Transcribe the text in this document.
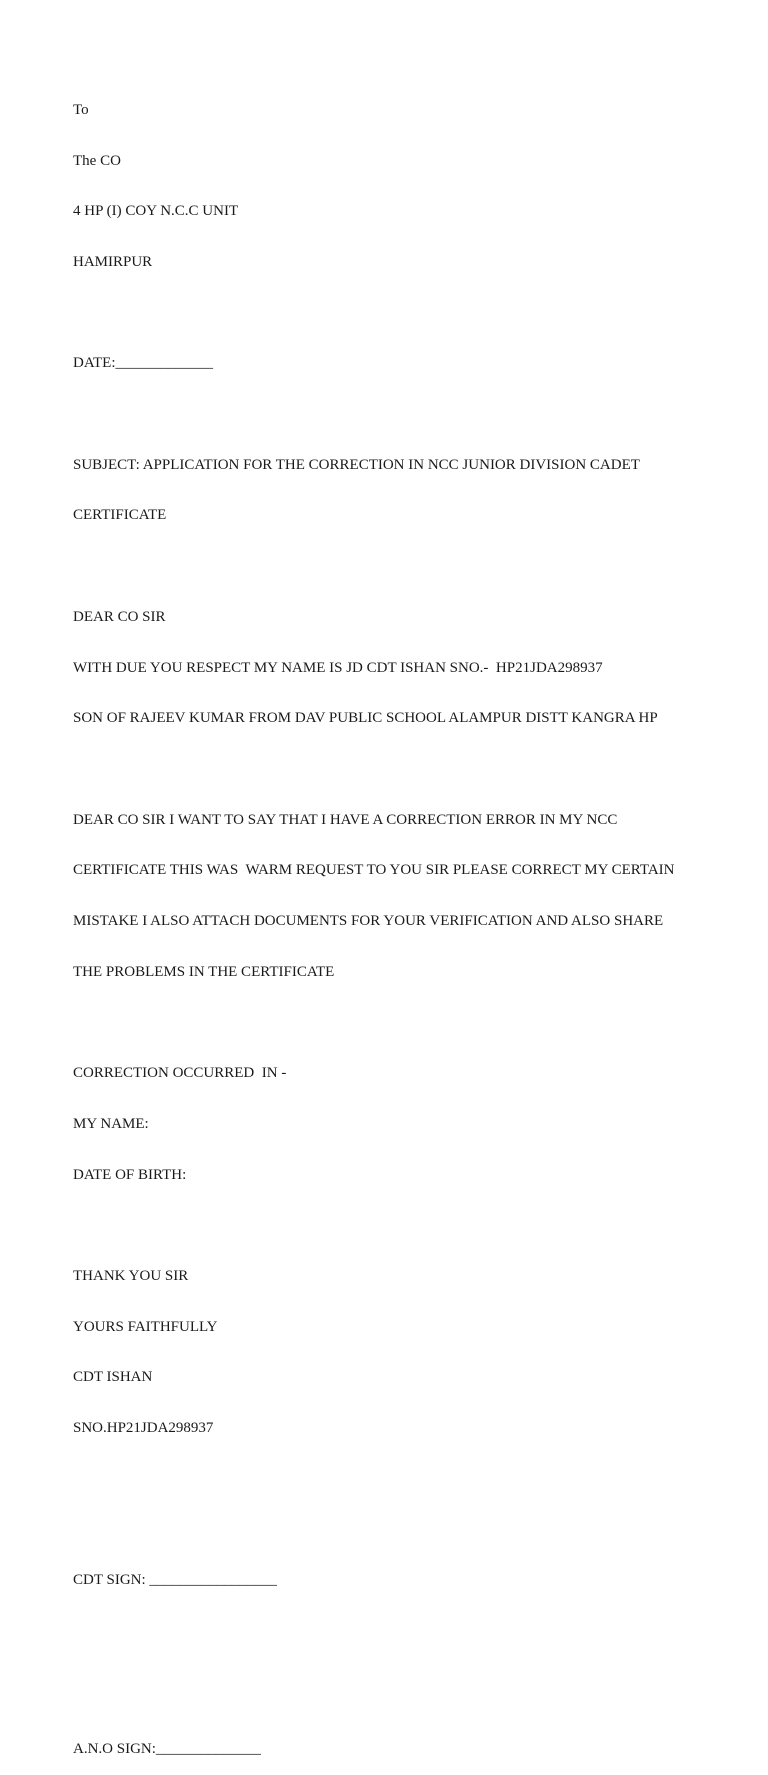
To

The CO

4 HP (I) COY N.C.C UNIT

HAMIRPUR

DATE:_____________

SUBJECT: APPLICATION FOR THE CORRECTION IN NCC JUNIOR DIVISION CADET

CERTIFICATE

DEAR CO SIR

WITH DUE YOU RESPECT MY NAME IS JD CDT ISHAN SNO.-  HP21JDA298937

SON OF RAJEEV KUMAR FROM DAV PUBLIC SCHOOL ALAMPUR DISTT KANGRA HP

DEAR CO SIR I WANT TO SAY THAT I HAVE A CORRECTION ERROR IN MY NCC

CERTIFICATE THIS WAS  WARM REQUEST TO YOU SIR PLEASE CORRECT MY CERTAIN

MISTAKE I ALSO ATTACH DOCUMENTS FOR YOUR VERIFICATION AND ALSO SHARE

THE PROBLEMS IN THE CERTIFICATE

CORRECTION OCCURRED  IN -

MY NAME:

DATE OF BIRTH:

THANK YOU SIR

YOURS FAITHFULLY

CDT ISHAN

SNO.HP21JDA298937

CDT SIGN: _________________

A.N.O SIGN:______________
